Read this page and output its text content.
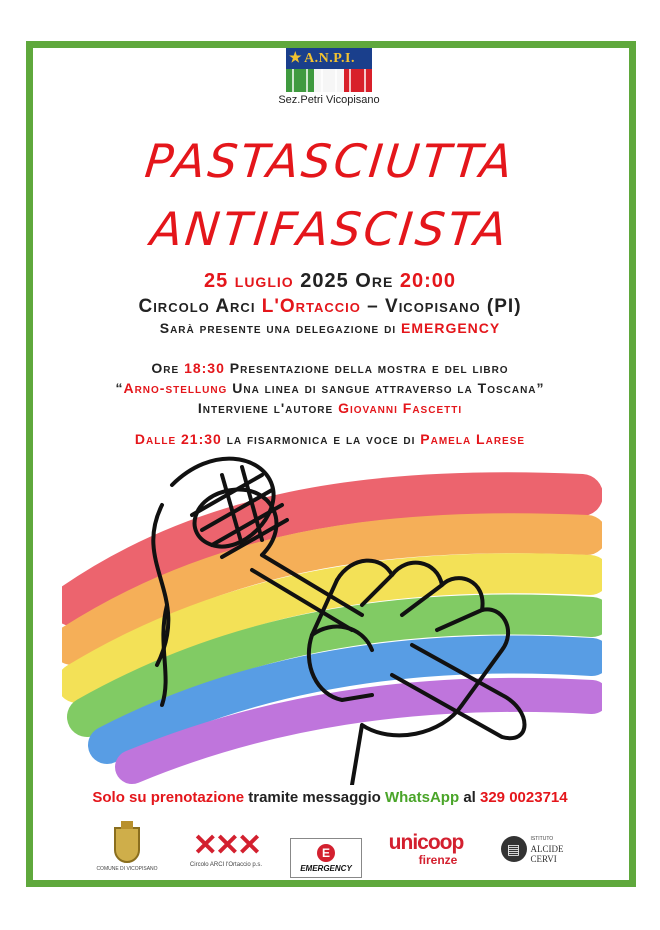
★ A.N.P.I.
Sez.Petri Vicopisano
PASTASCIUTTA
ANTIFASCISTA
25 luglio 2025 Ore 20:00
Circolo Arci L'Ortaccio – Vicopisano (PI)
Sarà presente una delegazione di EMERGENCY
Ore 18:30 Presentazione della mostra e del libro
“Arno-stellung Una linea di sangue attraverso la Toscana”
Interviene l'autore Giovanni Fascetti
Dalle 21:30 la fisarmonica e la voce di Pamela Larese
Solo su prenotazione tramite messaggio WhatsApp al 329 0023714
COMUNE DI VICOPISANO
✕✕✕
Circolo ARCI l'Ortaccio p.s.
E
EMERGENCY
unicoop
firenze
▤
ISTITUTO
ALCIDE
CERVI
